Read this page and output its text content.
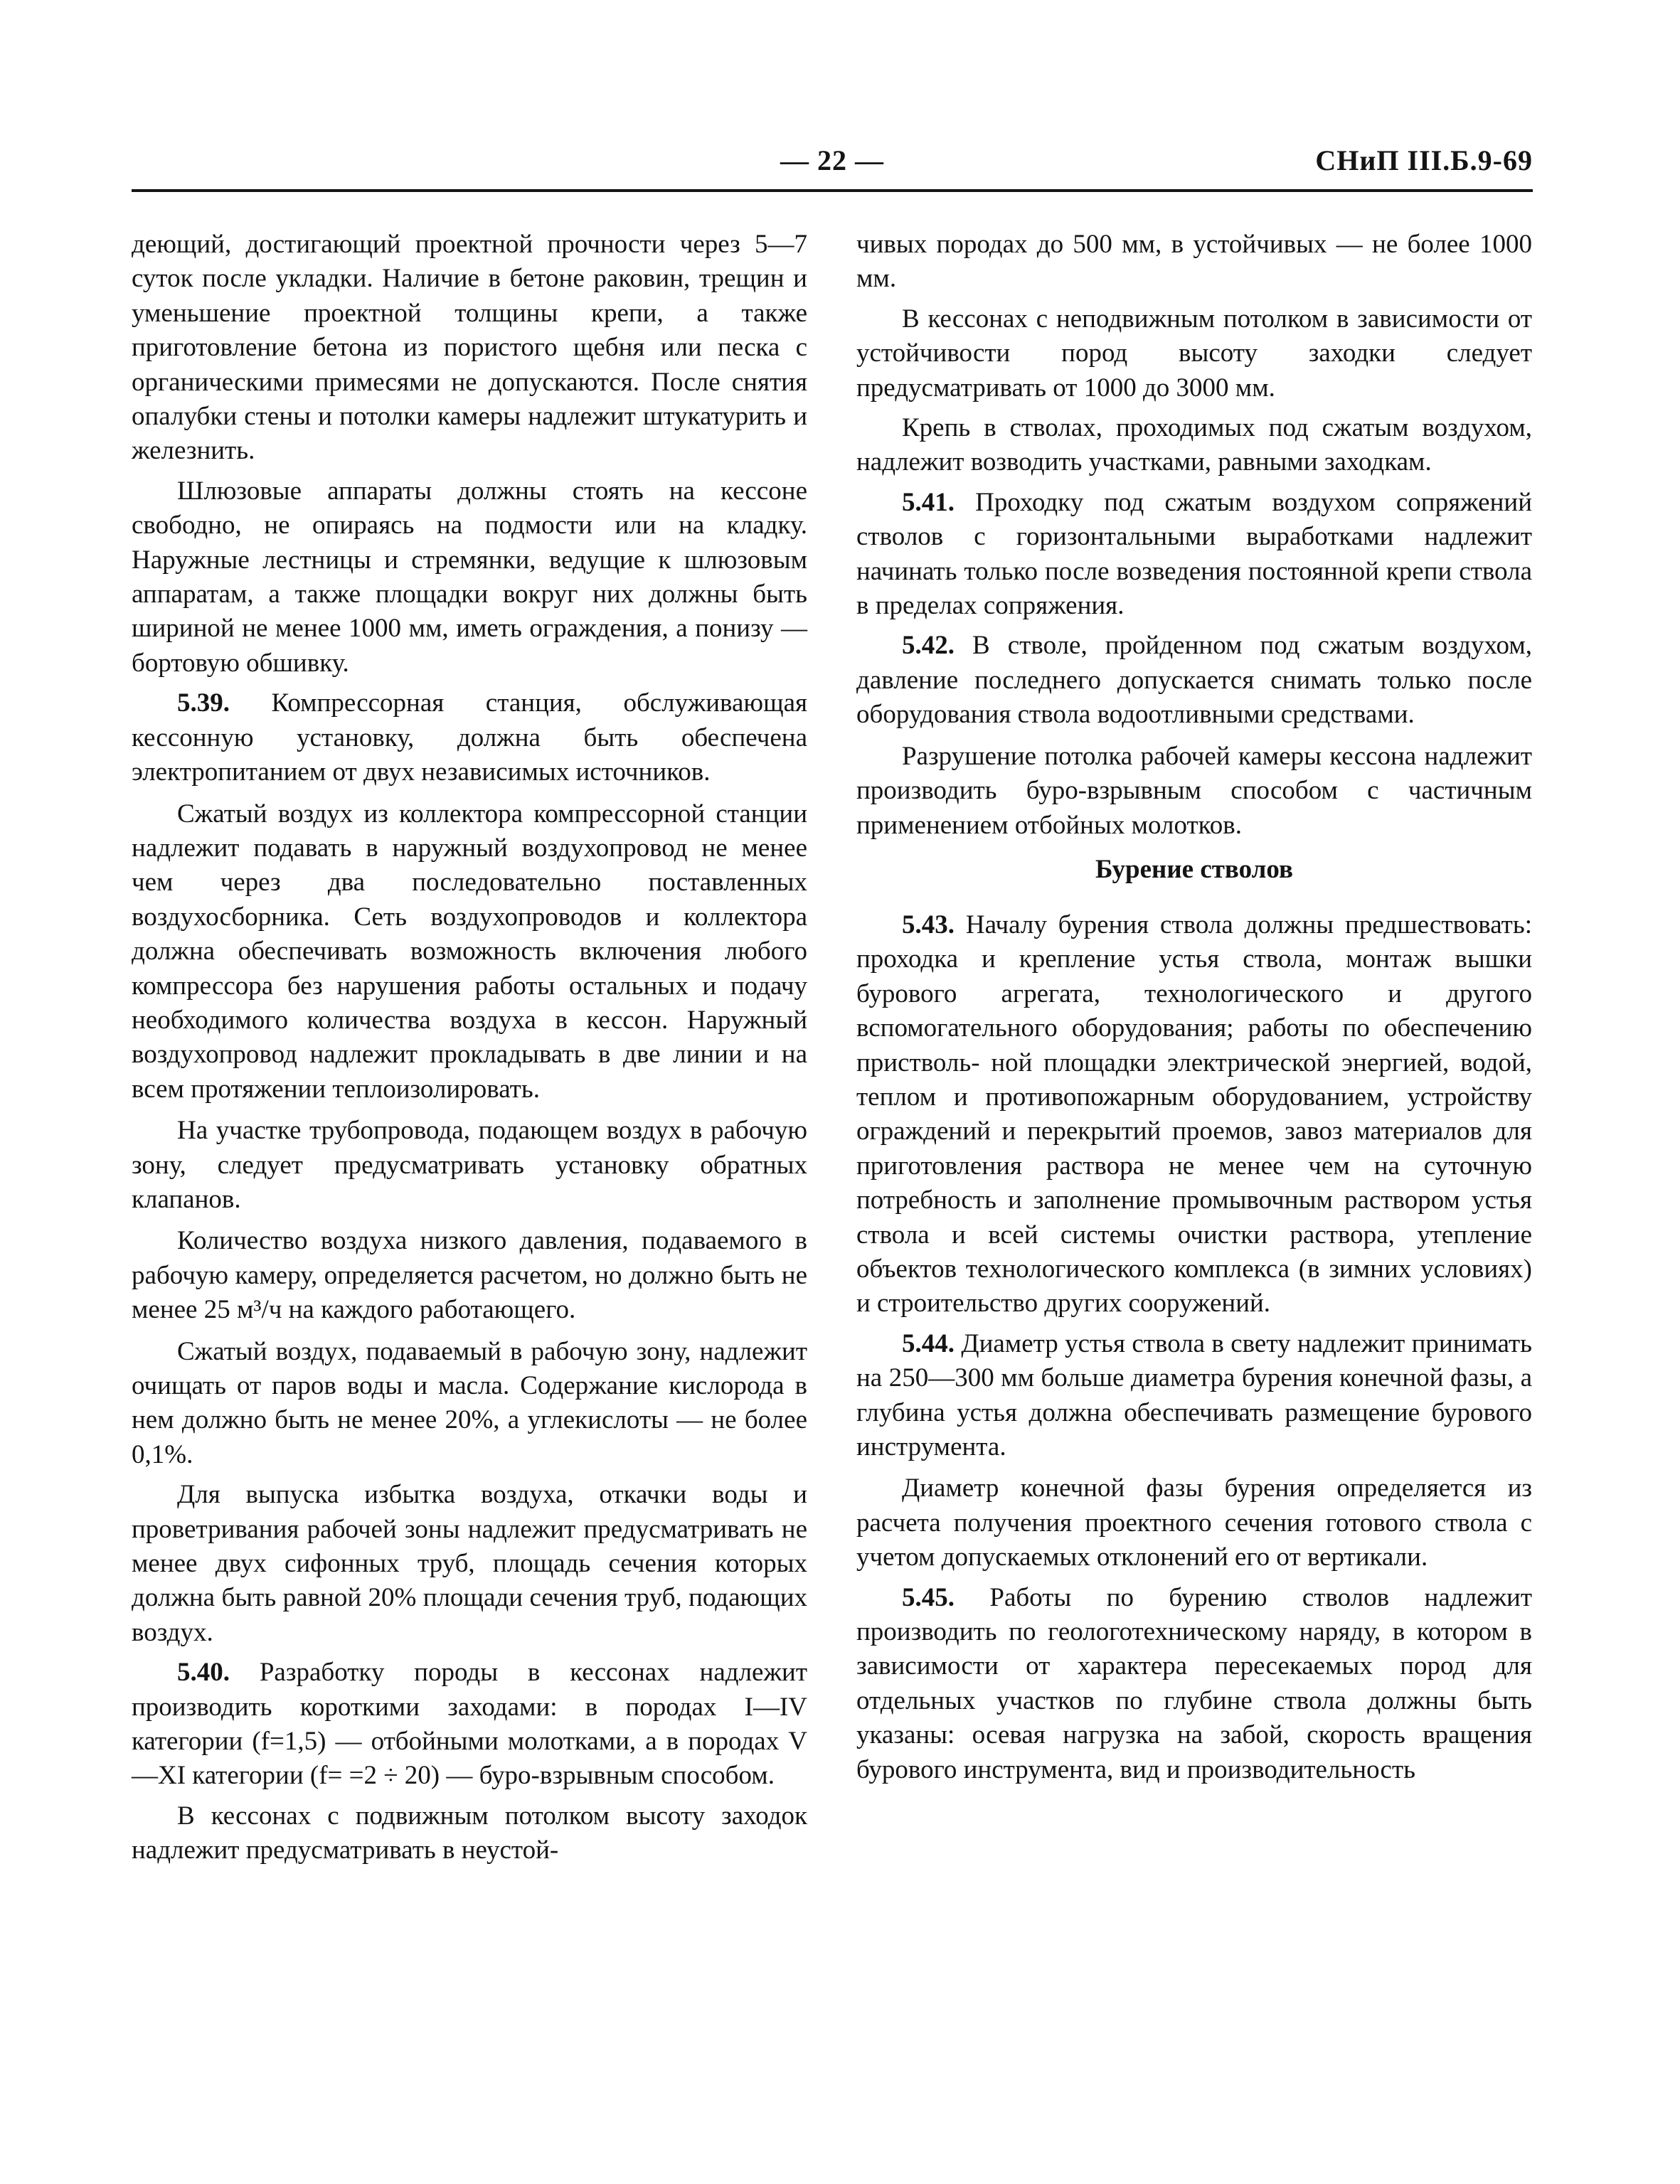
— 22 —	СНиП III.Б.9-69

деющий, достигающий проектной прочности через 5—7 суток после укладки. Наличие в бетоне раковин, трещин и уменьшение проектной толщины крепи, а также приготовление бетона из пористого щебня или песка с органическими примесями не допускаются. После снятия опалубки стены и потолки камеры надлежит штукатурить и железнить.

Шлюзовые аппараты должны стоять на кессоне свободно, не опираясь на подмости или на кладку. Наружные лестницы и стремянки, ведущие к шлюзовым аппаратам, а также площадки вокруг них должны быть шириной не менее 1000 мм, иметь ограждения, а понизу — бортовую обшивку.

5.39. Компрессорная станция, обслуживающая кессонную установку, должна быть обеспечена электропитанием от двух независимых источников.

Сжатый воздух из коллектора компрессорной станции надлежит подавать в наружный воздухопровод не менее чем через два последовательно поставленных воздухосборника. Сеть воздухопроводов и коллектора должна обеспечивать возможность включения любого компрессора без нарушения работы остальных и подачу необходимого количества воздуха в кессон. Наружный воздухопровод надлежит прокладывать в две линии и на всем протяжении теплоизолировать.

На участке трубопровода, подающем воздух в рабочую зону, следует предусматривать установку обратных клапанов.

Количество воздуха низкого давления, подаваемого в рабочую камеру, определяется расчетом, но должно быть не менее 25 м³/ч на каждого работающего.

Сжатый воздух, подаваемый в рабочую зону, надлежит очищать от паров воды и масла. Содержание кислорода в нем должно быть не менее 20%, а углекислоты — не более 0,1%.

Для выпуска избытка воздуха, откачки воды и проветривания рабочей зоны надлежит предусматривать не менее двух сифонных труб, площадь сечения которых должна быть равной 20% площади сечения труб, подающих воздух.

5.40. Разработку породы в кессонах надлежит производить короткими заходами: в породах I—IV категории (f=1,5) — отбойными молотками, а в породах V—XI категории (f= =2 ÷ 20) — буро-взрывным способом.

В кессонах с подвижным потолком высоту заходок надлежит предусматривать в неустой-

чивых породах до 500 мм, в устойчивых — не более 1000 мм.

В кессонах с неподвижным потолком в зависимости от устойчивости пород высоту заходки следует предусматривать от 1000 до 3000 мм.

Крепь в стволах, проходимых под сжатым воздухом, надлежит возводить участками, равными заходкам.

5.41. Проходку под сжатым воздухом сопряжений стволов с горизонтальными выработками надлежит начинать только после возведения постоянной крепи ствола в пределах сопряжения.

5.42. В стволе, пройденном под сжатым воздухом, давление последнего допускается снимать только после оборудования ствола водоотливными средствами.

Разрушение потолка рабочей камеры кессона надлежит производить буро-взрывным способом с частичным применением отбойных молотков.

Бурение стволов

5.43. Началу бурения ствола должны предшествовать: проходка и крепление устья ствола, монтаж вышки бурового агрегата, технологического и другого вспомогательного оборудования; работы по обеспечению пристволь- ной площадки электрической энергией, водой, теплом и противопожарным оборудованием, устройству ограждений и перекрытий проемов, завоз материалов для приготовления раствора не менее чем на суточную потребность и заполнение промывочным раствором устья ствола и всей системы очистки раствора, утепление объектов технологического комплекса (в зимних условиях) и строительство других сооружений.

5.44. Диаметр устья ствола в свету надлежит принимать на 250—300 мм больше диаметра бурения конечной фазы, а глубина устья должна обеспечивать размещение бурового инструмента.

Диаметр конечной фазы бурения определяется из расчета получения проектного сечения готового ствола с учетом допускаемых отклонений его от вертикали.

5.45. Работы по бурению стволов надлежит производить по геологотехническому наряду, в котором в зависимости от характера пересекаемых пород для отдельных участков по глубине ствола должны быть указаны: осевая нагрузка на забой, скорость вращения бурового инструмента, вид и производительность
